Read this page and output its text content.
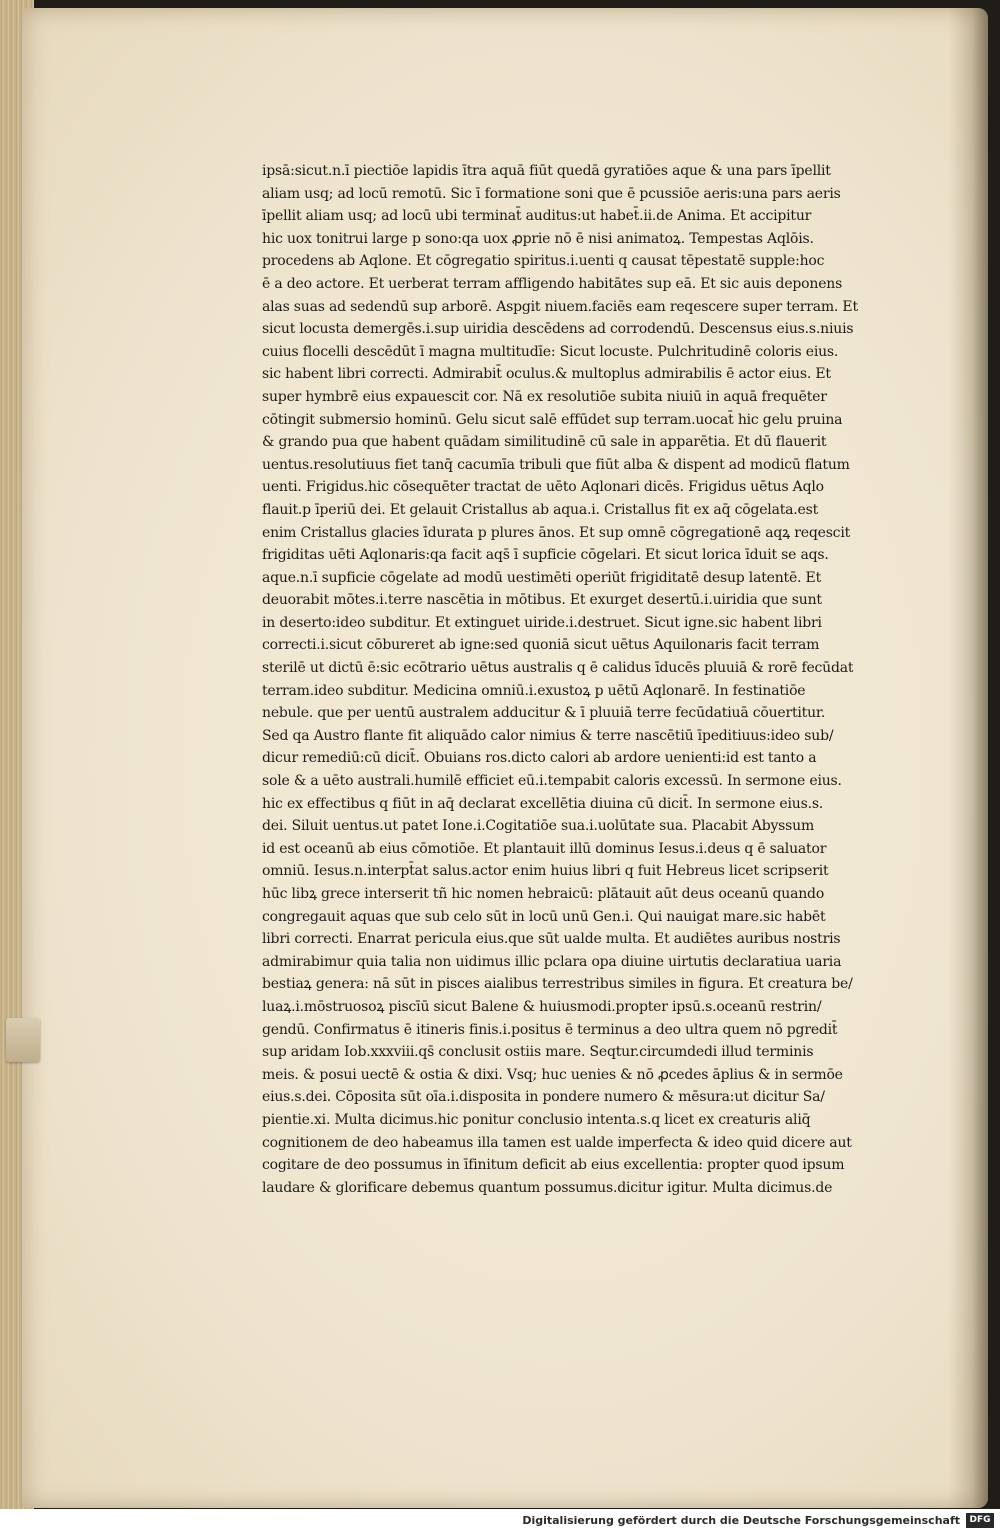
ipsā:sicut.n.ī piectiōe lapidis ītra aquā fiūt quedā gyratiōes aque & una pars īpellit
aliam usq; ad locū remotū. Sic ī formatione soni que ē pcussiōe aeris:una pars aeris
īpellit aliam usq; ad locū ubi terminat̄ auditus:ut habet̄.ii.de Anima. Et accipitur
hic uox tonitrui large p sono:qa uox ꝓprie nō ē nisi animatoꝝ. Tempestas Aqlōis.
procedens ab Aqlone. Et cōgregatio spiritus.i.uenti q causat tēpestatē supple:hoc
ē a deo actore. Et uerberat terram affligendo habitātes sup eā. Et sic auis deponens
alas suas ad sedendū sup arborē. Aspgit niuem.faciēs eam reqescere super terram. Et
sicut locusta demergēs.i.sup uiridia descēdens ad corrodendū. Descensus eius.s.niuis
cuius flocelli descēdūt ī magna multitudīe: Sicut locuste. Pulchritudinē coloris eius.
sic habent libri correcti. Admirabit̄ oculus.& multoplus admirabilis ē actor eius. Et
super hymbrē eius expauescit cor. Nā ex resolutiōe subita niuiū in aquā frequēter
cōtingit submersio hominū. Gelu sicut salē effūdet sup terram.uocat̄ hic gelu pruina
& grando pua que habent quādam similitudinē cū sale in apparētia. Et dū flauerit
uentus.resolutiuus fiet tanq̄ cacumīa tribuli que fiūt alba & dispent ad modicū flatum
uenti. Frigidus.hic cōsequēter tractat de uēto Aqlonari dicēs. Frigidus uētus Aqlo
flauit.p īperiū dei. Et gelauit Cristallus ab aqua.i. Cristallus fit ex aq̄ cōgelata.est
enim Cristallus glacies īdurata p plures ānos. Et sup omnē cōgregationē aqꝝ reqescit
frigiditas uēti Aqlonaris:qa facit aqs̄ ī supficie cōgelari. Et sicut lorica īduit se aqs.
aque.n.ī supficie cōgelate ad modū uestimēti operiūt frigiditatē desup latentē. Et
deuorabit mōtes.i.terre nascētia in mōtibus. Et exurget desertū.i.uiridia que sunt
in deserto:ideo subditur. Et extinguet uiride.i.destruet. Sicut igne.sic habent libri
correcti.i.sicut cōbureret ab igne:sed quoniā sicut uētus Aquilonaris facit terram
sterilē ut dictū ē:sic ecōtrario uētus australis q ē calidus īducēs pluuiā & rorē fecūdat
terram.ideo subditur. Medicina omniū.i.exustoꝝ p uētū Aqlonarē. In festinatiōe
nebule. que per uentū australem adducitur & ī pluuiā terre fecūdatiuā cōuertitur.
Sed qa Austro flante fit aliquādo calor nimius & terre nascētiū īpeditiuus:ideo sub/
dicur remediū:cū dicit̄. Obuians ros.dicto calori ab ardore uenienti:id est tanto a
sole & a uēto australi.humilē efficiet eū.i.tempabit caloris excessū. In sermone eius.
hic ex effectibus q fiūt in aq̄ declarat excellētia diuina cū dicit̄. In sermone eius.s.
dei. Siluit uentus.ut patet Ione.i.Cogitatiōe sua.i.uolūtate sua. Placabit Abyssum
id est oceanū ab eius cōmotiōe. Et plantauit illū dominus Iesus.i.deus q ē saluator
omniū. Iesus.n.interpt̄at salus.actor enim huius libri q fuit Hebreus licet scripserit
hūc libꝝ grece interserit tñ hic nomen hebraicū: plātauit aūt deus oceanū quando
congregauit aquas que sub celo sūt in locū unū Gen.i. Qui nauigat mare.sic habēt
libri correcti. Enarrat pericula eius.que sūt ualde multa. Et audiētes auribus nostris
admirabimur quia talia non uidimus illic pclara opa diuine uirtutis declaratiua uaria
bestiaꝝ genera: nā sūt in pisces aialibus terrestribus similes in figura. Et creatura be/
luaꝝ.i.mōstruosoꝝ piscīū sicut Balene & huiusmodi.propter ipsū.s.oceanū restrin/
gendū. Confirmatus ē itineris finis.i.positus ē terminus a deo ultra quem nō pgredit̄
sup aridam Iob.xxxviii.qs̄ conclusit ostiis mare. Seqtur.circumdedi illud terminis
meis. & posui uectē & ostia & dixi. Vsq; huc uenies & nō ꝓcedes āplius & in sermōe
eius.s.dei. Cōposita sūt oīa.i.disposita in pondere numero & mēsura:ut dicitur Sa/
pientie.xi. Multa dicimus.hic ponitur conclusio intenta.s.q licet ex creaturis aliq̄
cognitionem de deo habeamus illa tamen est ualde imperfecta & ideo quid dicere aut
cogitare de deo possumus in īfinitum deficit ab eius excellentia: propter quod ipsum
laudare & glorificare debemus quantum possumus.dicitur igitur. Multa dicimus.de
Digitalisierung gefördert durch die Deutsche Forschungsgemeinschaft	DFG
